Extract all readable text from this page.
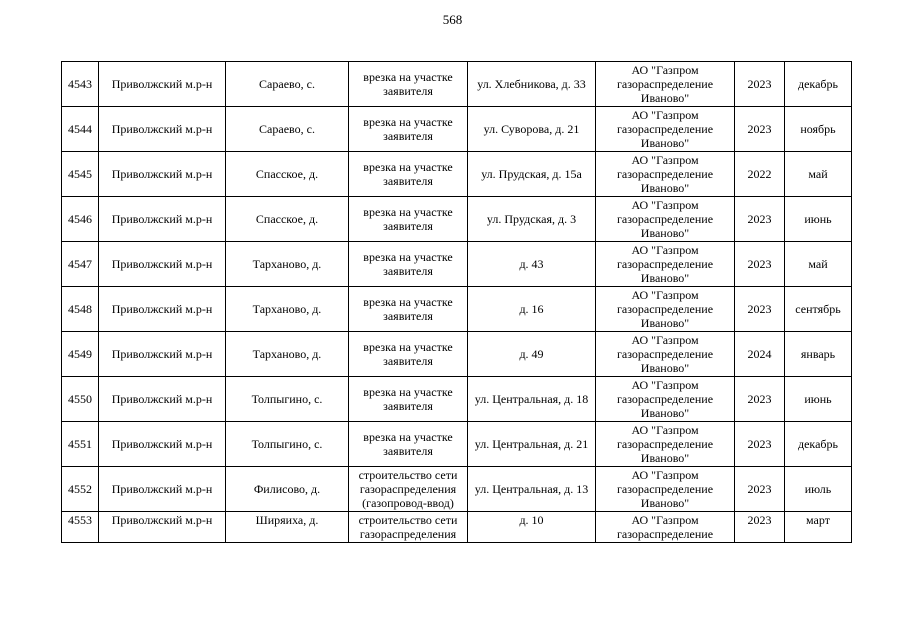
568
4543	Приволжский м.р-н	Сараево, с.	врезка на участке заявителя	ул. Хлебникова, д. 33	АО "Газпром газораспределение Иваново"	2023	декабрь
4544	Приволжский м.р-н	Сараево, с.	врезка на участке заявителя	ул. Суворова, д. 21	АО "Газпром газораспределение Иваново"	2023	ноябрь
4545	Приволжский м.р-н	Спасское, д.	врезка на участке заявителя	ул. Прудская, д. 15а	АО "Газпром газораспределение Иваново"	2022	май
4546	Приволжский м.р-н	Спасское, д.	врезка на участке заявителя	ул. Прудская, д. 3	АО "Газпром газораспределение Иваново"	2023	июнь
4547	Приволжский м.р-н	Тарханово, д.	врезка на участке заявителя	д. 43	АО "Газпром газораспределение Иваново"	2023	май
4548	Приволжский м.р-н	Тарханово, д.	врезка на участке заявителя	д. 16	АО "Газпром газораспределение Иваново"	2023	сентябрь
4549	Приволжский м.р-н	Тарханово, д.	врезка на участке заявителя	д. 49	АО "Газпром газораспределение Иваново"	2024	январь
4550	Приволжский м.р-н	Толпыгино, с.	врезка на участке заявителя	ул. Центральная, д. 18	АО "Газпром газораспределение Иваново"	2023	июнь
4551	Приволжский м.р-н	Толпыгино, с.	врезка на участке заявителя	ул. Центральная, д. 21	АО "Газпром газораспределение Иваново"	2023	декабрь
4552	Приволжский м.р-н	Филисово, д.	строительство сети газораспределения (газопровод-ввод)	ул. Центральная, д. 13	АО "Газпром газораспределение Иваново"	2023	июль
4553	Приволжский м.р-н	Ширяиха, д.	строительство сети газораспределения	д. 10	АО "Газпром газораспределение	2023	март
